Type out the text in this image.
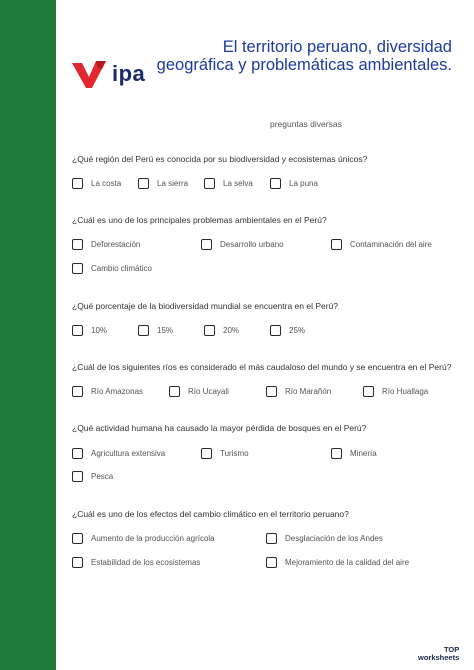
ipa
El territorio peruano, diversidad
geográfica y problemáticas ambientales.
preguntas diversas
¿Qué región del Perú es conocida por su biodiversidad y ecosistemas únicos?
La costa	La sierra	La selva	La puna
¿Cuál es uno de los principales problemas ambientales en el Perú?
Deforestación	Desarrollo urbano	Contaminación del aire
Cambio climático
¿Qué porcentaje de la biodiversidad mundial se encuentra en el Perú?
10%	15%	20%	25%
¿Cuál de los siguientes ríos es considerado el más caudaloso del mundo y se encuentra en el Perú?
Río Amazonas	Río Ucayali	Río Marañón	Río Huallaga
¿Qué actividad humana ha causado la mayor pérdida de bosques en el Perú?
Agricultura extensiva	Turismo	Minería
Pesca
¿Cuál es uno de los efectos del cambio climático en el territorio peruano?
Aumento de la producción agrícola	Desglaciación de los Andes
Estabilidad de los ecosistemas	Mejoramiento de la calidad del aire
TOP
worksheets
